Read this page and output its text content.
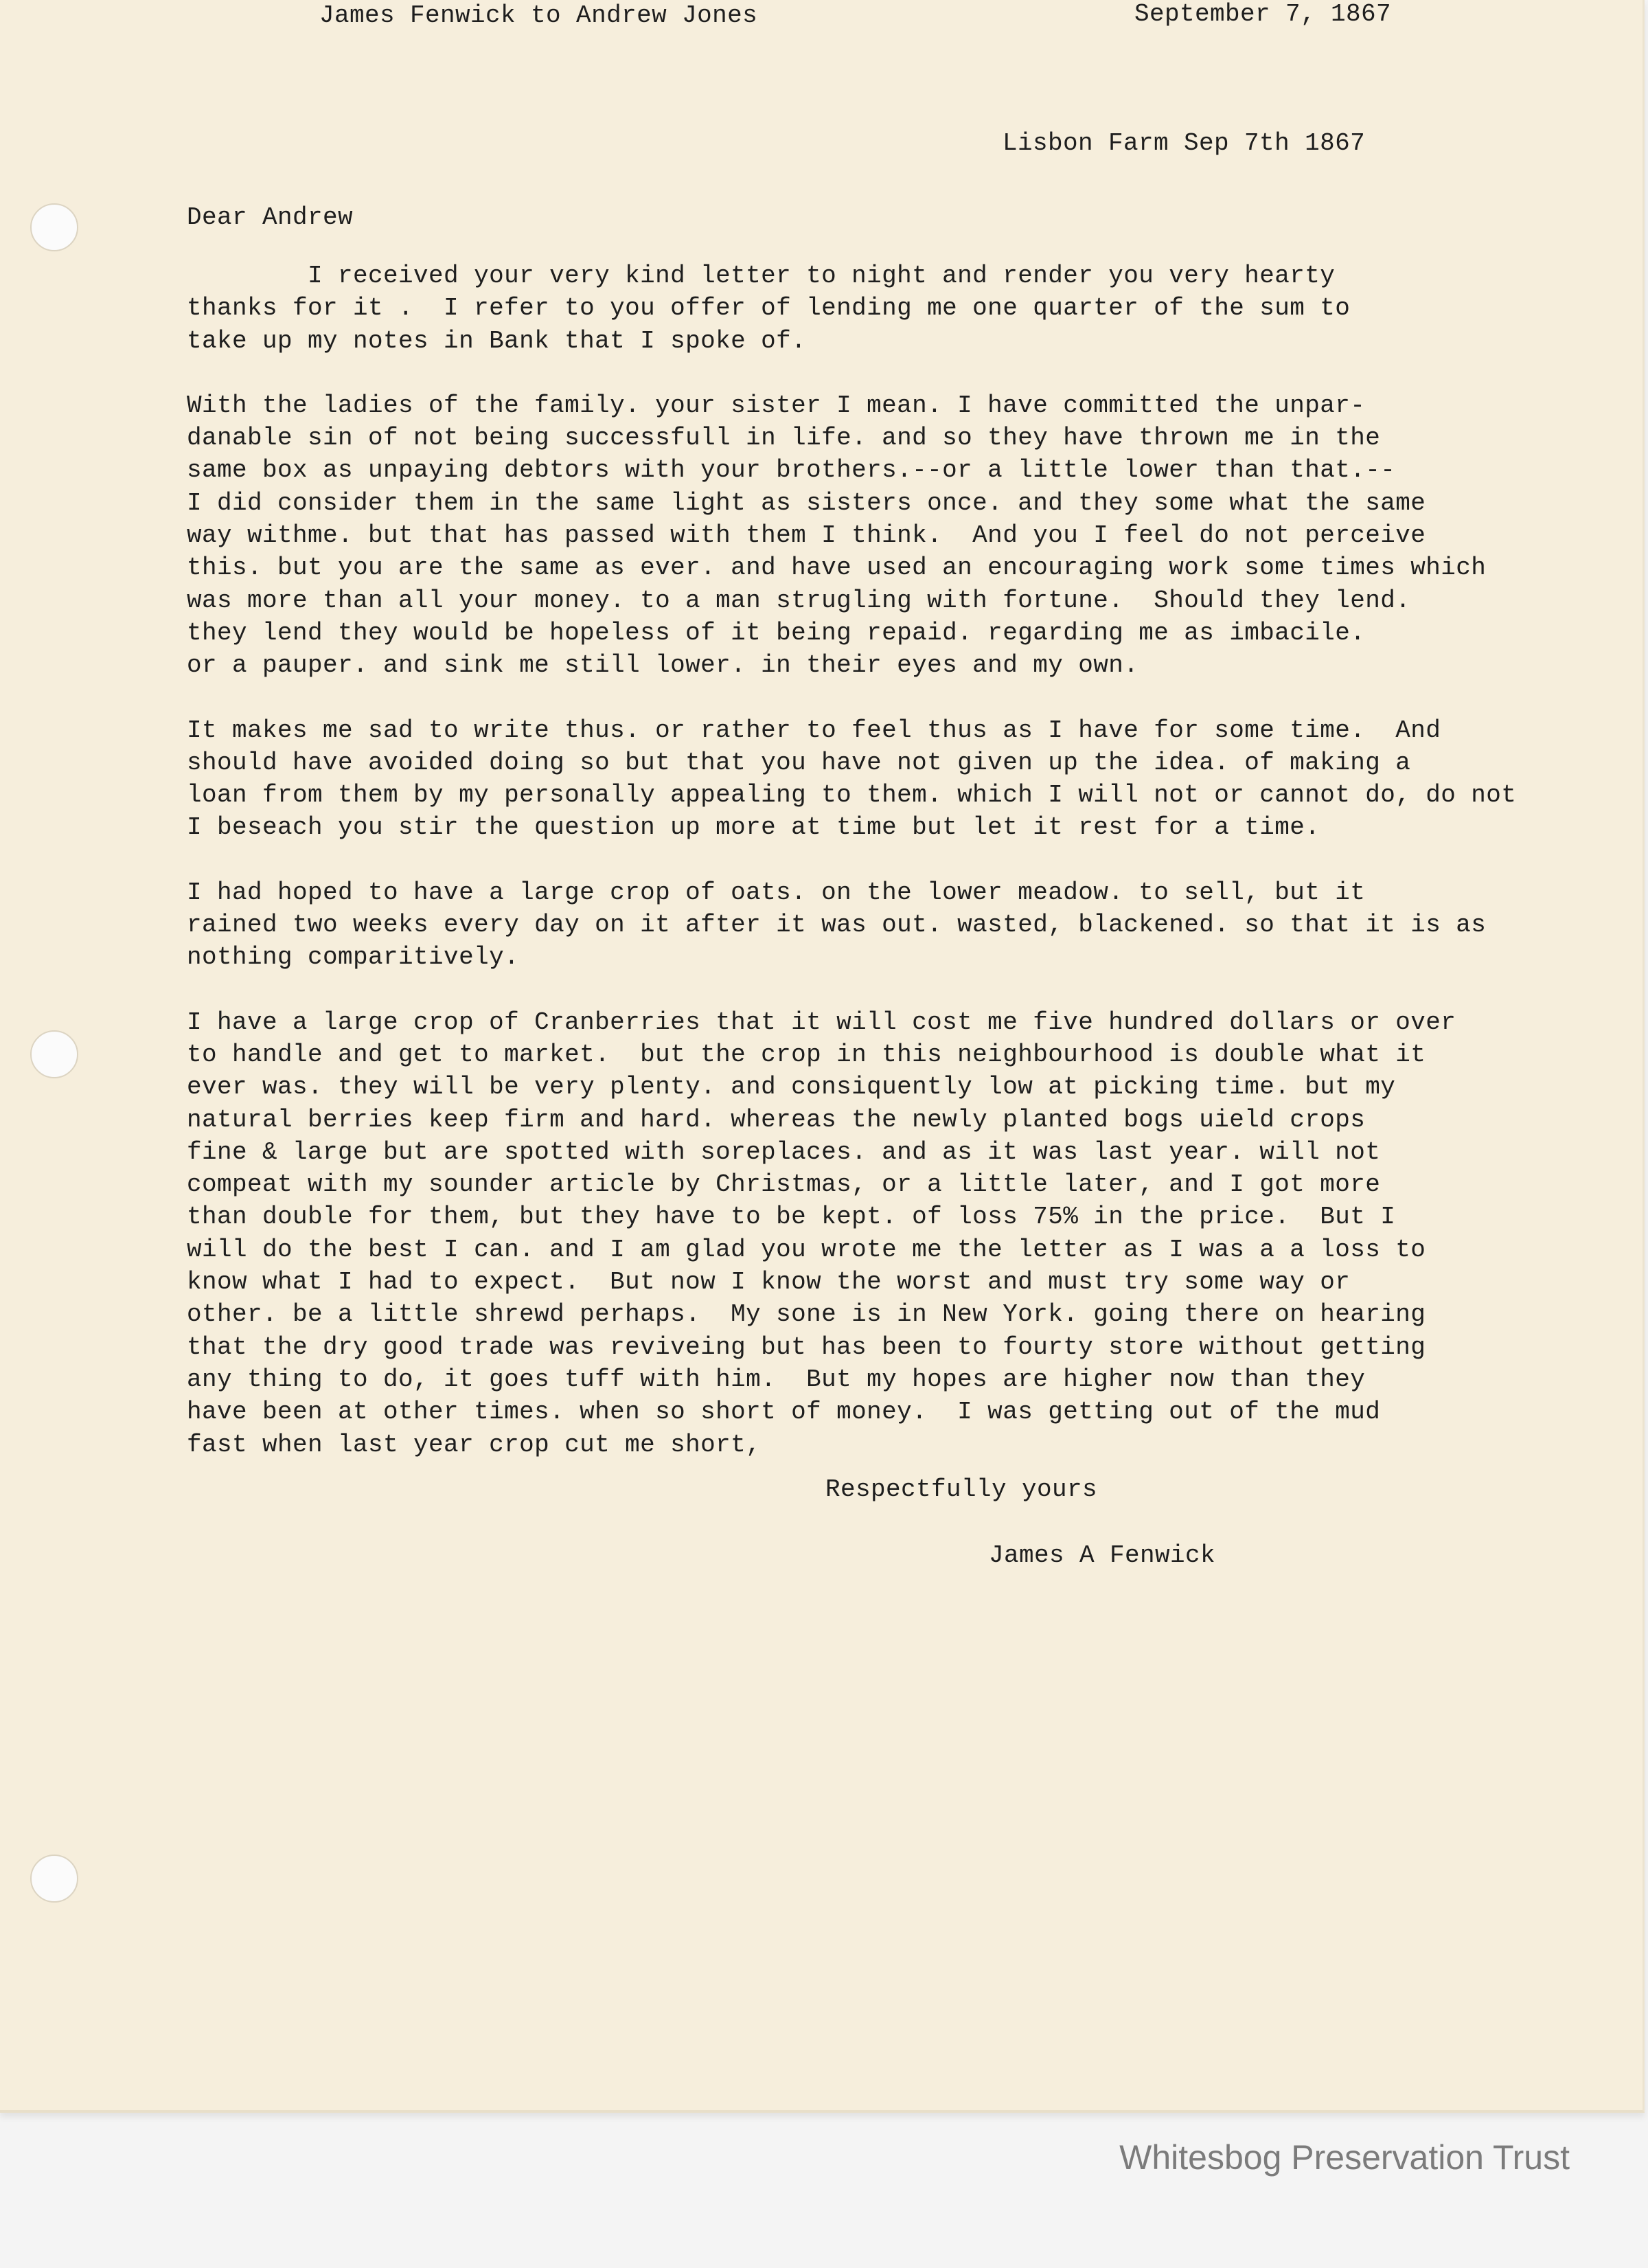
James Fenwick to Andrew Jones	September 7, 1867
Lisbon Farm Sep 7th 1867
Dear Andrew
I received your very kind letter to night and render you very hearty
thanks for it .  I refer to you offer of lending me one quarter of the sum to
take up my notes in Bank that I spoke of.
With the ladies of the family. your sister I mean. I have committed the unpar-
danable sin of not being successfull in life. and so they have thrown me in the
same box as unpaying debtors with your brothers.--or a little lower than that.--
I did consider them in the same light as sisters once. and they some what the same
way withme. but that has passed with them I think.  And you I feel do not perceive
this. but you are the same as ever. and have used an encouraging work some times which
was more than all your money. to a man strugling with fortune.  Should they lend.
they lend they would be hopeless of it being repaid. regarding me as imbacile.
or a pauper. and sink me still lower. in their eyes and my own.
It makes me sad to write thus. or rather to feel thus as I have for some time.  And
should have avoided doing so but that you have not given up the idea. of making a
loan from them by my personally appealing to them. which I will not or cannot do, do not
I beseach you stir the question up more at time but let it rest for a time.
I had hoped to have a large crop of oats. on the lower meadow. to sell, but it
rained two weeks every day on it after it was out. wasted, blackened. so that it is as
nothing comparitively.
I have a large crop of Cranberries that it will cost me five hundred dollars or over
to handle and get to market.  but the crop in this neighbourhood is double what it
ever was. they will be very plenty. and consiquently low at picking time. but my
natural berries keep firm and hard. whereas the newly planted bogs uield crops
fine & large but are spotted with soreplaces. and as it was last year. will not
compeat with my sounder article by Christmas, or a little later, and I got more
than double for them, but they have to be kept. of loss 75% in the price.  But I
will do the best I can. and I am glad you wrote me the letter as I was a a loss to
know what I had to expect.  But now I know the worst and must try some way or
other. be a little shrewd perhaps.  My sone is in New York. going there on hearing
that the dry good trade was reviveing but has been to fourty store without getting
any thing to do, it goes tuff with him.  But my hopes are higher now than they
have been at other times. when so short of money.  I was getting out of the mud
fast when last year crop cut me short,
Respectfully yours
James A Fenwick
Whitesbog Preservation Trust
